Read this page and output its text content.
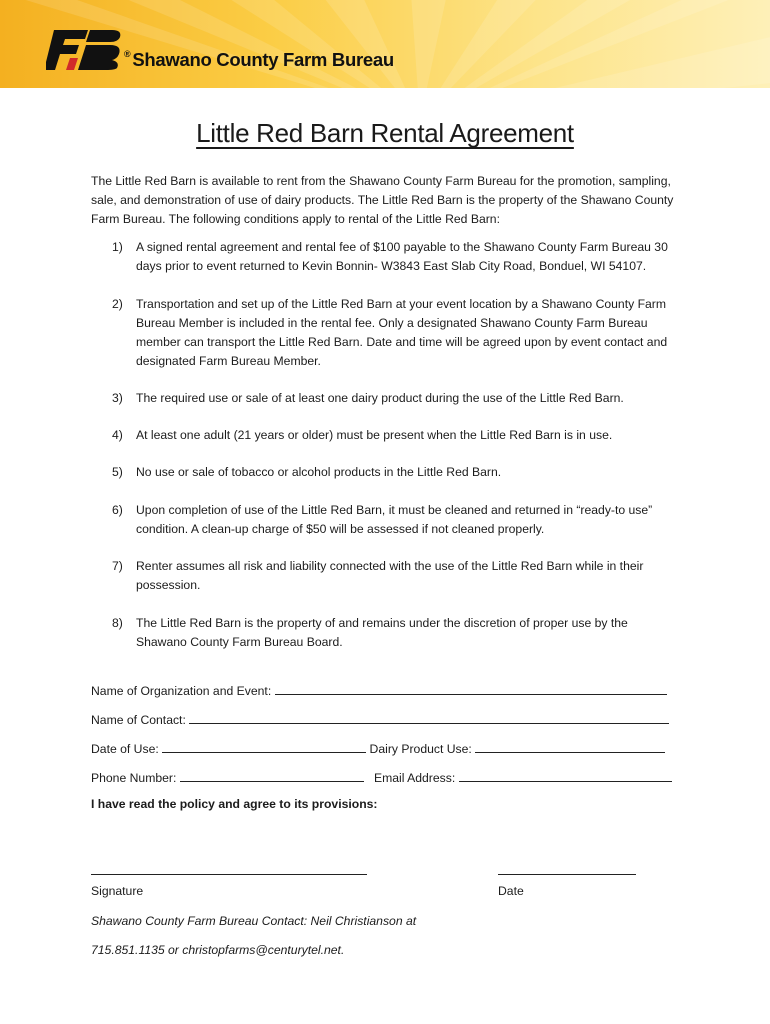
® Shawano County Farm Bureau
Little Red Barn Rental Agreement

The Little Red Barn is available to rent from the Shawano County Farm Bureau for the promotion, sampling, sale, and demonstration of use of dairy products. The Little Red Barn is the property of the Shawano County Farm Bureau. The following conditions apply to rental of the Little Red Barn:

1) A signed rental agreement and rental fee of $100 payable to the Shawano County Farm Bureau 30 days prior to event returned to Kevin Bonnin- W3843 East Slab City Road, Bonduel, WI 54107.
2) Transportation and set up of the Little Red Barn at your event location by a Shawano County Farm Bureau Member is included in the rental fee. Only a designated Shawano County Farm Bureau member can transport the Little Red Barn. Date and time will be agreed upon by event contact and designated Farm Bureau Member.
3) The required use or sale of at least one dairy product during the use of the Little Red Barn.
4) At least one adult (21 years or older) must be present when the Little Red Barn is in use.
5) No use or sale of tobacco or alcohol products in the Little Red Barn.
6) Upon completion of use of the Little Red Barn, it must be cleaned and returned in “ready-to use” condition. A clean-up charge of $50 will be assessed if not cleaned properly.
7) Renter assumes all risk and liability connected with the use of the Little Red Barn while in their possession.
8) The Little Red Barn is the property of and remains under the discretion of proper use by the Shawano County Farm Bureau Board.
Name of Organization and Event:
Name of Contact:
Date of Use:	Dairy Product Use:
Phone Number:	Email Address:
I have read the policy and agree to its provisions:
Signature	Date
Shawano County Farm Bureau Contact: Neil Christianson at
715.851.1135 or christopfarms@centurytel.net.
